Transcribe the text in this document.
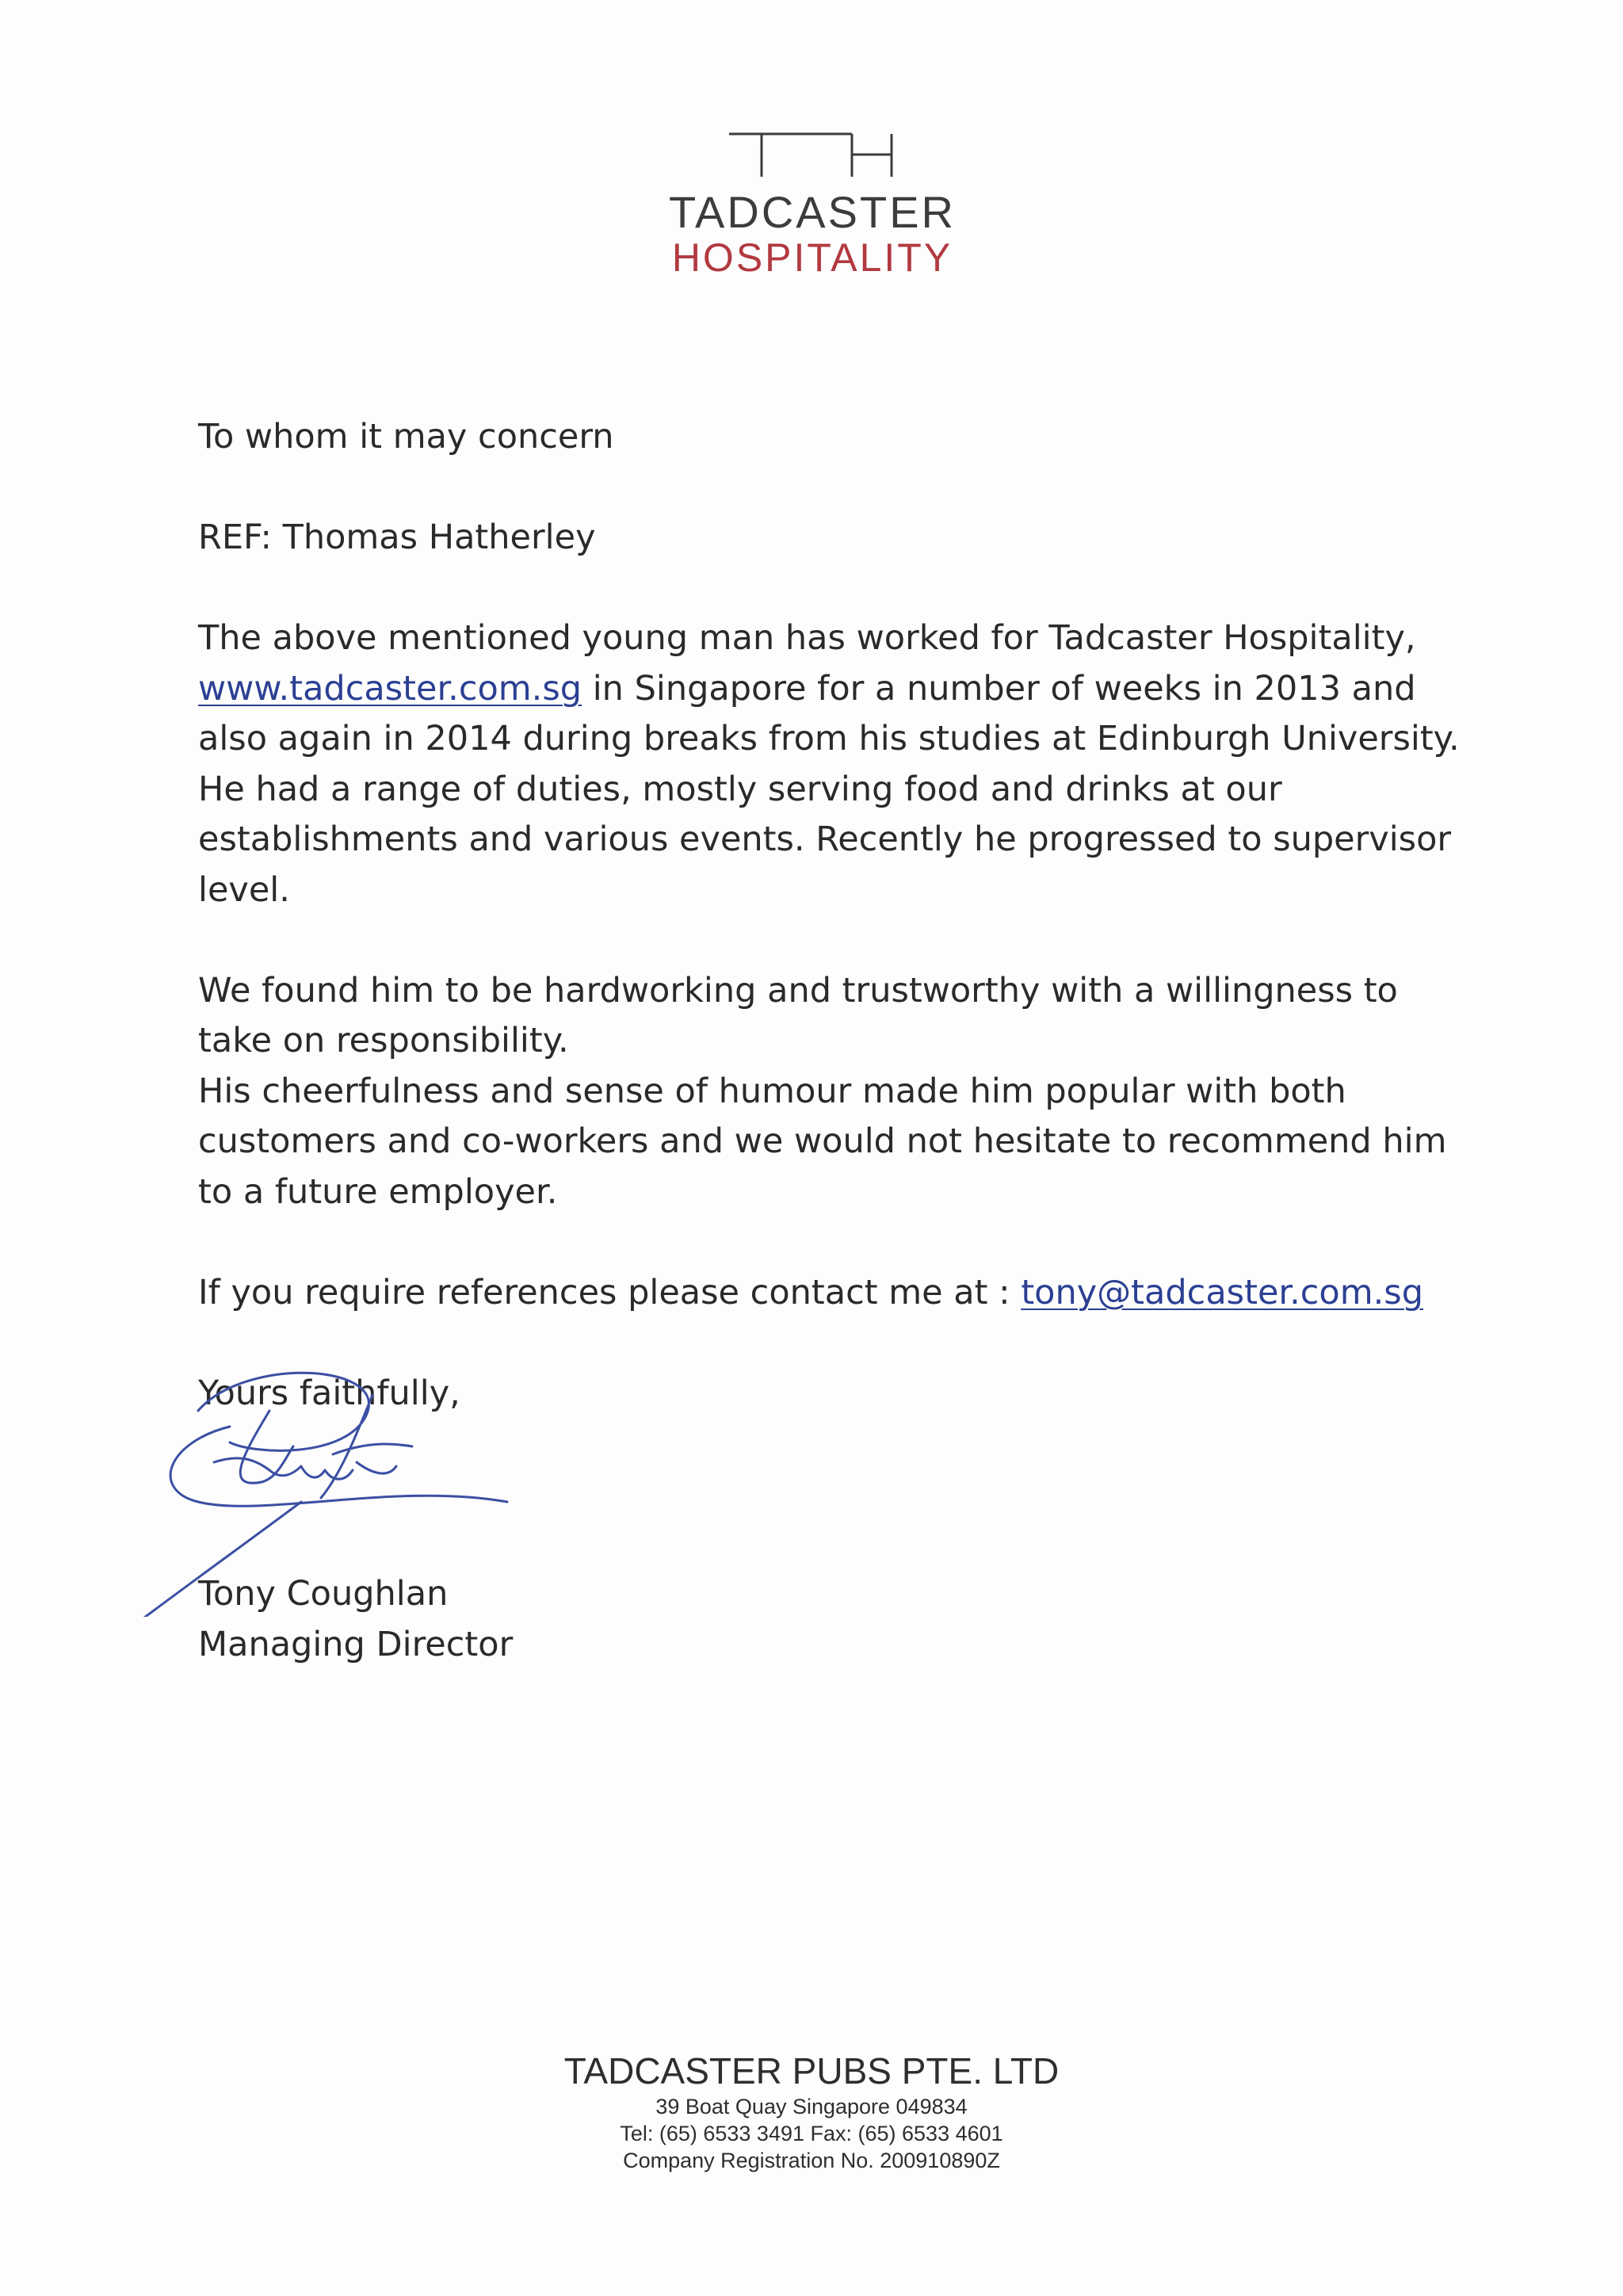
TADCASTER
HOSPITALITY

To whom it may concern

REF: Thomas Hatherley

The above mentioned young man has worked for Tadcaster Hospitality,
www.tadcaster.com.sg in Singapore for a number of weeks in 2013 and also again in 2014 during breaks from his studies at Edinburgh University. He had a range of duties, mostly serving food and drinks at our establishments and various events. Recently he progressed to supervisor level.

We found him to be hardworking and trustworthy with a willingness to take on responsibility.

His cheerfulness and sense of humour made him popular with both customers and co-workers and we would not hesitate to recommend him to a future employer.

If you require references please contact me at : tony@tadcaster.com.sg

Yours faithfully,

Tony Coughlan

Managing Director

TADCASTER PUBS PTE. LTD
39 Boat Quay Singapore 049834
Tel: (65) 6533 3491 Fax: (65) 6533 4601
Company Registration No. 200910890Z
